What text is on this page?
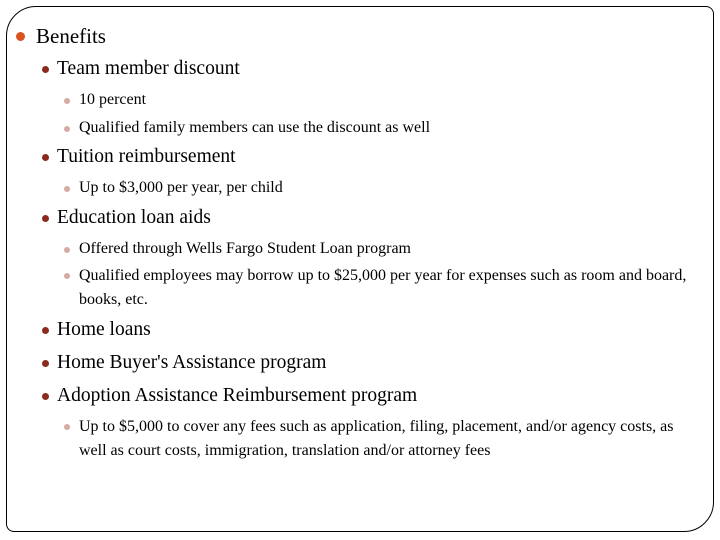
Benefits
Team member discount
10 percent
Qualified family members can use the discount as well
Tuition reimbursement
Up to $3,000 per year, per child
Education loan aids
Offered through Wells Fargo Student Loan program
Qualified employees may borrow up to $25,000 per year for expenses such as room and board, books, etc.
Home loans
Home Buyer's Assistance program
Adoption Assistance Reimbursement program
Up to $5,000 to cover any fees such as application, filing, placement, and/or agency costs, as well as court costs, immigration, translation and/or attorney fees
